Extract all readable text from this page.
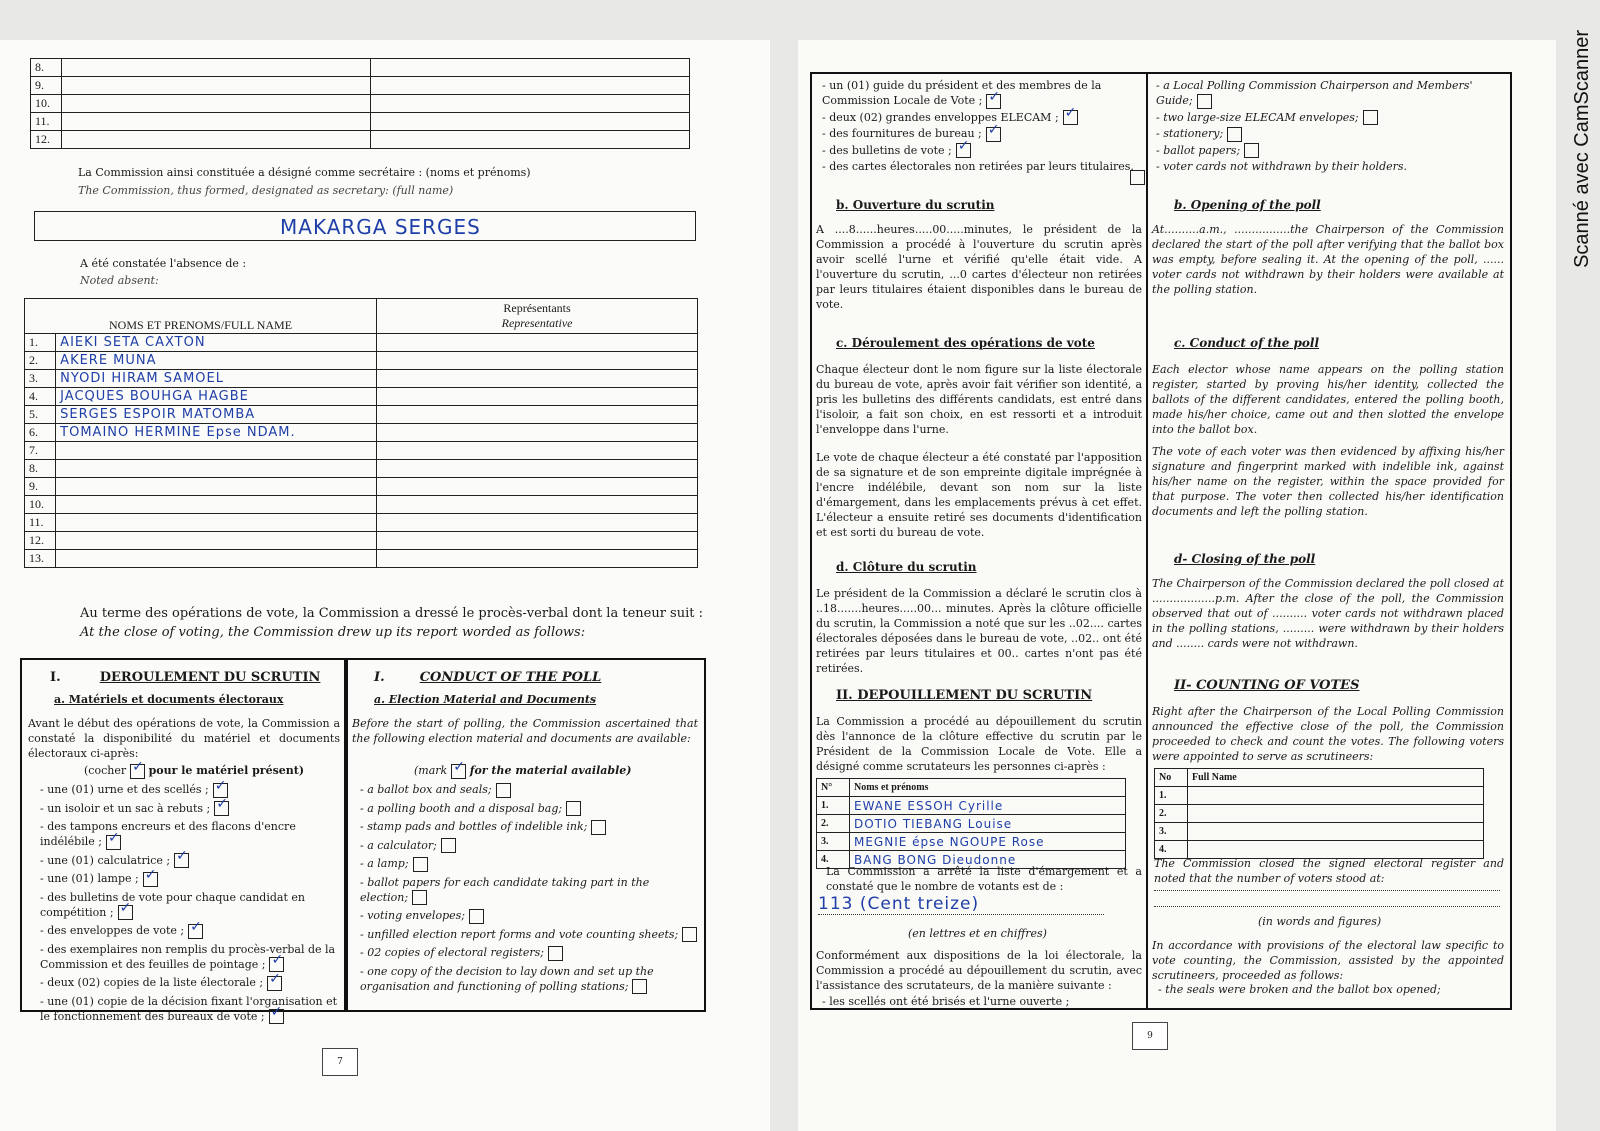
8.		
9.		
10.		
11.		
12.		
La Commission ainsi constituée a désigné comme secrétaire : (noms et prénoms)
The Commission, thus formed, designated as secretary: (full name)
MAKARGA SERGES
A été constatée l'absence de :
Noted absent:
NOMS ET PRENOMS/FULL NAME		Représentants
Representative

1.	AIEKI SETA CAXTON	
2.	AKERE MUNA	
3.	NYODI HIRAM SAMOEL	
4.	JACQUES BOUHGA HAGBE	
5.	SERGES ESPOIR MATOMBA	
6.	TOMAINO HERMINE Epse NDAM.	
7.		
8.		
9.		
10.		
11.		
12.		
13.		
Au terme des opérations de vote, la Commission a dressé le procès-verbal dont la teneur suit :
At the close of voting, the Commission drew up its report worded as follows:
I.	DEROULEMENT DU SCRUTIN
a. Matériels et documents électoraux
Avant le début des opérations de vote, la Commission a constaté la disponibilité du matériel et documents électoraux ci-après:
(cocher ✓ pour le matériel présent)
- une (01) urne et des scellés ;✓
- un isoloir et un sac à rebuts ;✓
- des tampons encreurs et des flacons d'encre indélébile ;✓
- une (01) calculatrice ;✓
- une (01) lampe ;✓
- des bulletins de vote pour chaque candidat en compétition ;✓
- des enveloppes de vote ;✓
- des exemplaires non remplis du procès-verbal de la Commission et des feuilles de pointage ;✓
- deux (02) copies de la liste électorale ;✓
- une (01) copie de la décision fixant l'organisation et le fonctionnement des bureaux de vote ;✓
I.	CONDUCT OF THE POLL
a. Election Material and Documents
Before the start of polling, the Commission ascertained that the following election material and documents are available:
(mark ✓ for the material available)
- a ballot box and seals;
- a polling booth and a disposal bag;
- stamp pads and bottles of indelible ink;
- a calculator;
- a lamp;
- ballot papers for each candidate taking part in the election;
- voting envelopes;
- unfilled election report forms and vote counting sheets;
- 02 copies of electoral registers;
- one copy of the decision to lay down and set up the organisation and functioning of polling stations;
7
- un (01) guide du président et des membres de la Commission Locale de Vote ;✓
- deux (02) grandes enveloppes ELECAM ;✓
- des fournitures de bureau ;✓
- des bulletins de vote ;✓
- des cartes électorales non retirées par leurs titulaires.
b. Ouverture du scrutin
A ....8......heures.....00.....minutes, le président de la Commission a procédé à l'ouverture du scrutin après avoir scellé l'urne et vérifié qu'elle était vide. A l'ouverture du scrutin, ...0 cartes d'électeur non retirées par leurs titulaires étaient disponibles dans le bureau de vote.
c. Déroulement des opérations de vote
Chaque électeur dont le nom figure sur la liste électorale du bureau de vote, après avoir fait vérifier son identité, a pris les bulletins des différents candidats, est entré dans l'isoloir, a fait son choix, en est ressorti et a introduit l'enveloppe dans l'urne.
Le vote de chaque électeur a été constaté par l'apposition de sa signature et de son empreinte digitale imprégnée à l'encre indélébile, devant son nom sur la liste d'émargement, dans les emplacements prévus à cet effet. L'électeur a ensuite retiré ses documents d'identification et est sorti du bureau de vote.
d. Clôture du scrutin
Le président de la Commission a déclaré le scrutin clos à ..18.......heures.....00... minutes. Après la clôture officielle du scrutin, la Commission a noté que sur les ..02.... cartes électorales déposées dans le bureau de vote, ..02.. ont été retirées par leurs titulaires et 00.. cartes n'ont pas été retirées.
II. DEPOUILLEMENT DU SCRUTIN
La Commission a procédé au dépouillement du scrutin dès l'annonce de la clôture effective du scrutin par le Président de la Commission Locale de Vote. Elle a désigné comme scrutateurs les personnes ci-après :
N°	Noms et prénoms
1.	EWANE ESSOH Cyrille
2.	DOTIO TIEBANG Louise
3.	MEGNIE épse NGOUPE Rose
4.	BANG BONG Dieudonne
La Commission a arrêté la liste d'émargement et a constaté que le nombre de votants est de :
113 (Cent treize)
(en lettres et en chiffres)
Conformément aux dispositions de la loi électorale, la Commission a procédé au dépouillement du scrutin, avec l'assistance des scrutateurs, de la manière suivante :
- les scellés ont été brisés et l'urne ouverte ;
- a Local Polling Commission Chairperson and Members' Guide;
- two large-size ELECAM envelopes;
- stationery;
- ballot papers;
- voter cards not withdrawn by their holders.
b. Opening of the poll
At..........a.m., ................the Chairperson of the Commission declared the start of the poll after verifying that the ballot box was empty, before sealing it. At the opening of the poll, ...... voter cards not withdrawn by their holders were available at the polling station.
c. Conduct of the poll
Each elector whose name appears on the polling station register, started by proving his/her identity, collected the ballots of the different candidates, entered the polling booth, made his/her choice, came out and then slotted the envelope into the ballot box.
The vote of each voter was then evidenced by affixing his/her signature and fingerprint marked with indelible ink, against his/her name on the register, within the space provided for that purpose. The voter then collected his/her identification documents and left the polling station.
d- Closing of the poll
The Chairperson of the Commission declared the poll closed at ..................p.m. After the close of the poll, the Commission observed that out of .......... voter cards not withdrawn placed in the polling stations, ......... were withdrawn by their holders and ........ cards were not withdrawn.
II- COUNTING OF VOTES
Right after the Chairperson of the Local Polling Commission announced the effective close of the poll, the Commission proceeded to check and count the votes. The following voters were appointed to serve as scrutineers:
No	Full Name
1.	
2.	
3.	
4.	
The Commission closed the signed electoral register and noted that the number of voters stood at:
(in words and figures)
In accordance with provisions of the electoral law specific to vote counting, the Commission, assisted by the appointed scrutineers, proceeded as follows:
- the seals were broken and the ballot box opened;
9
Scanné avec CamScanner
